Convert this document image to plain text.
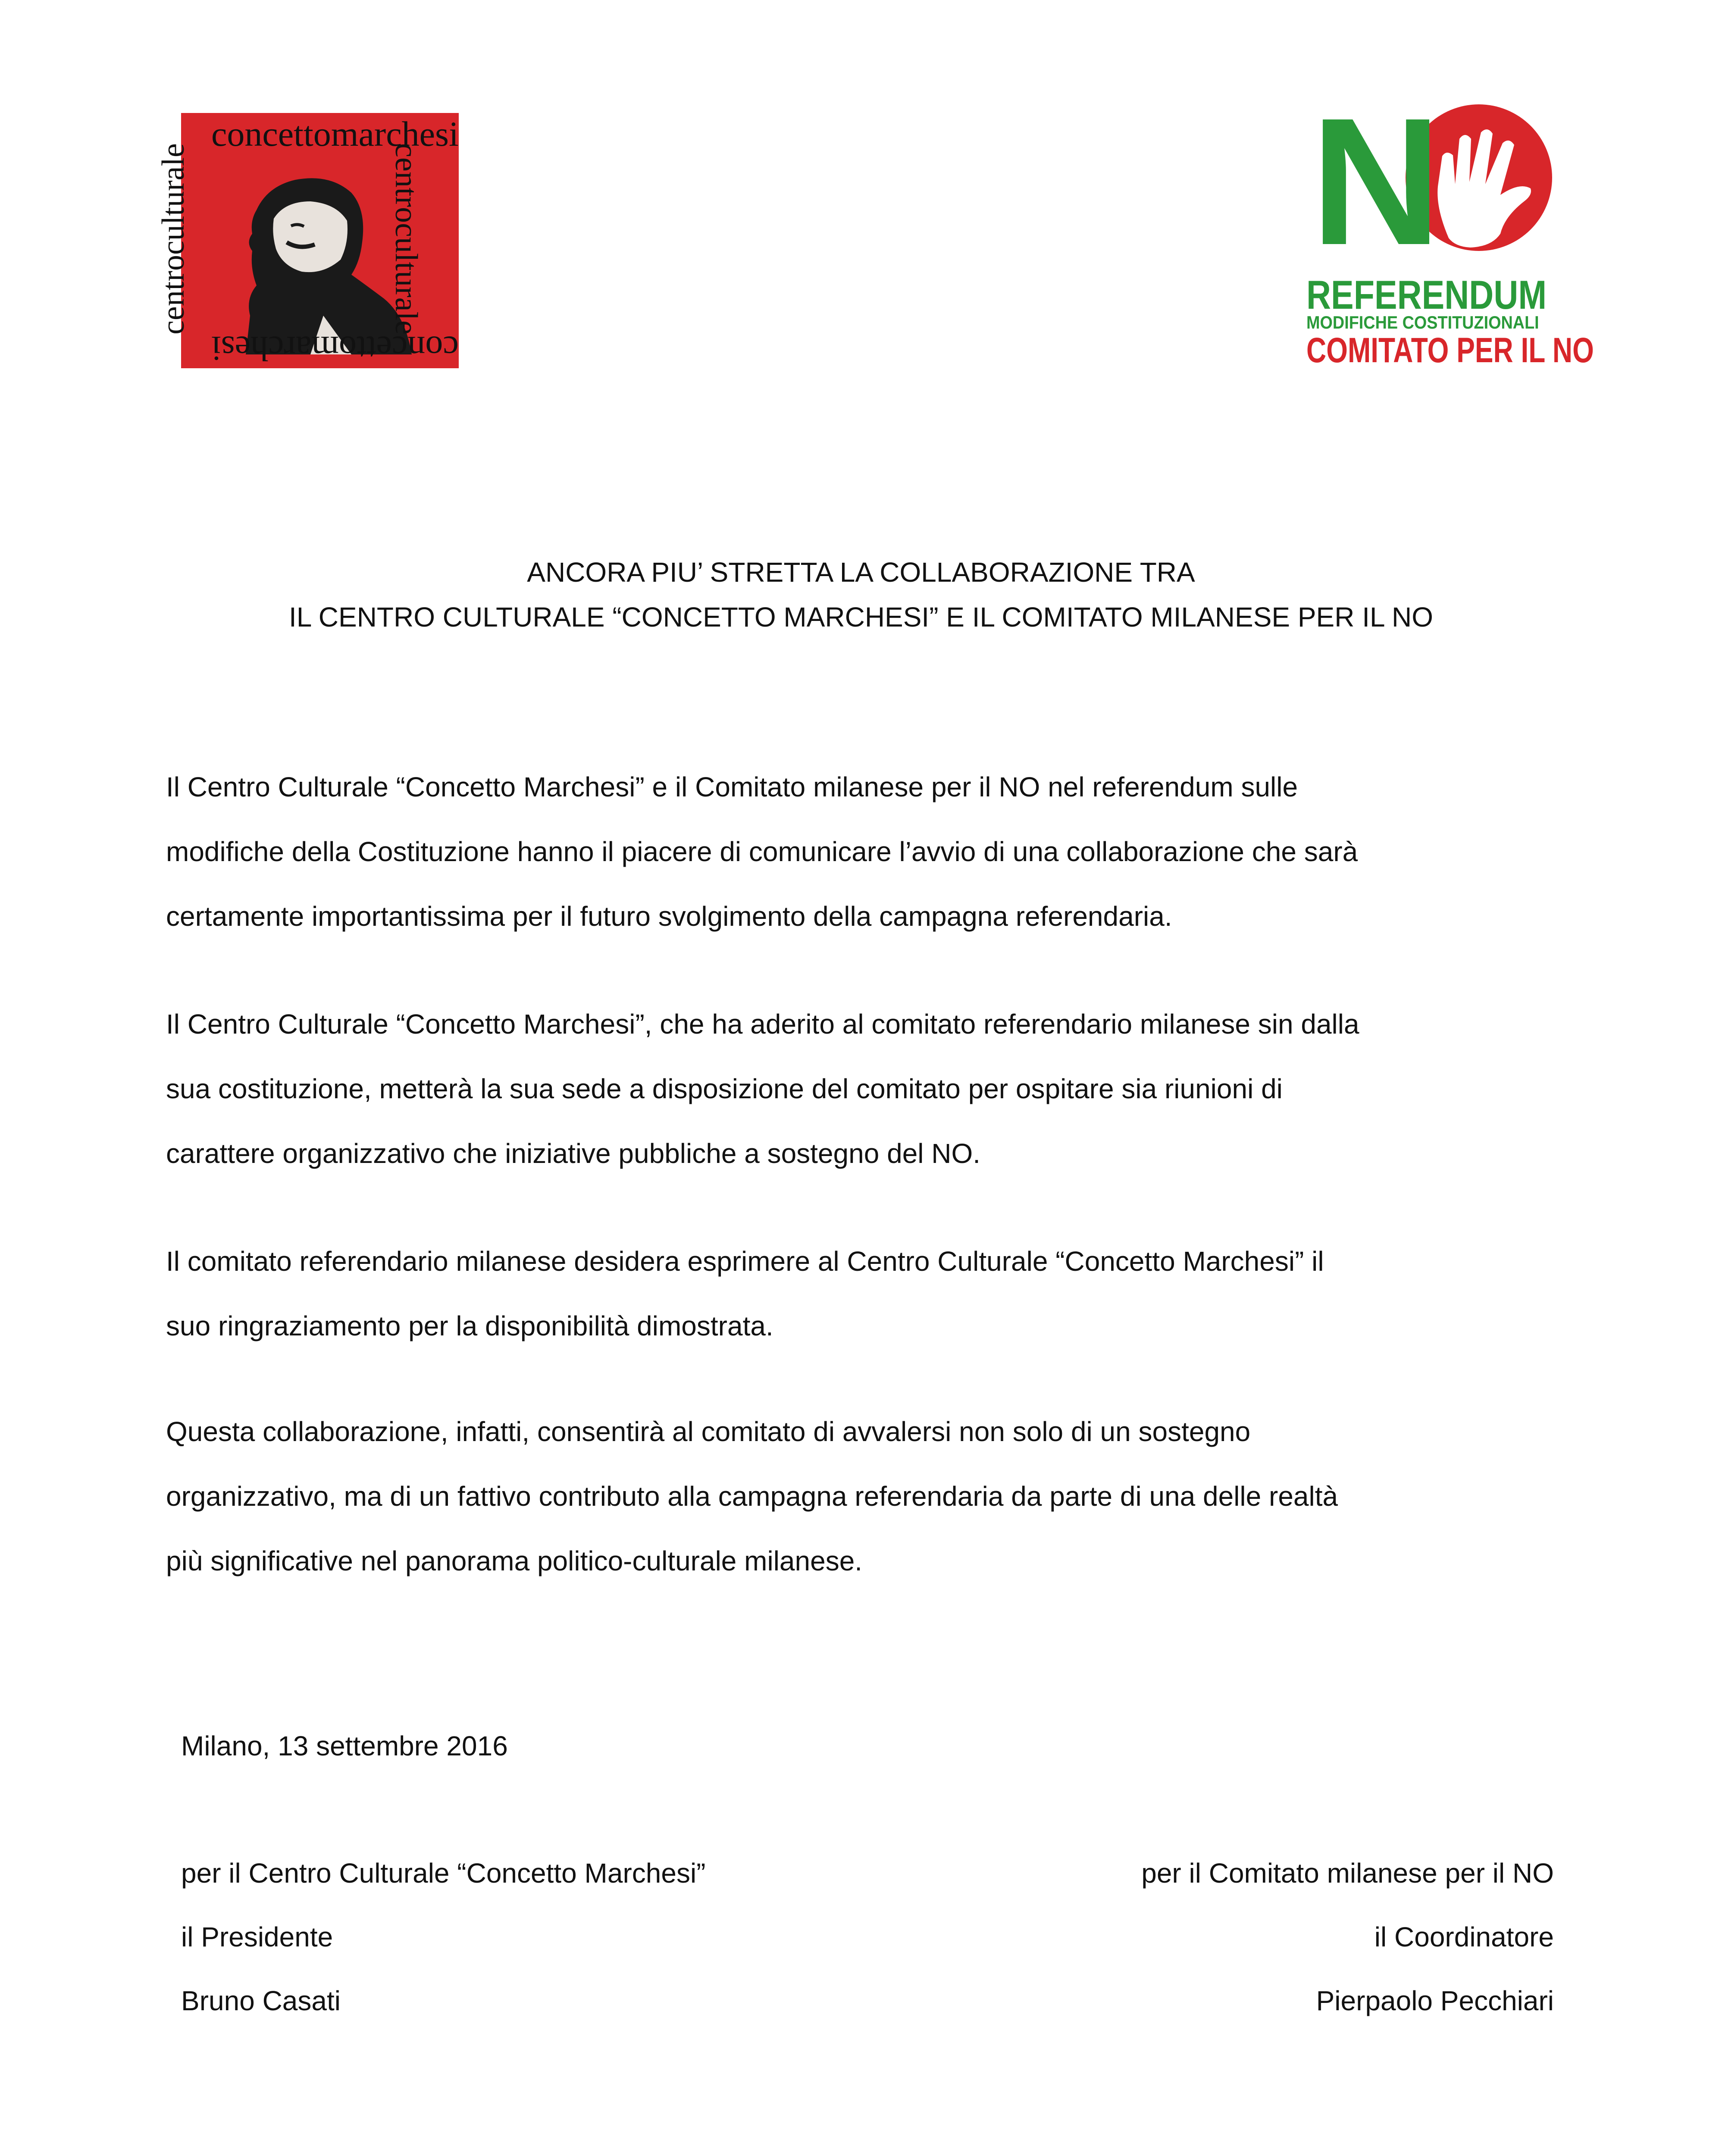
concettomarchesi
centroculturale	centroculturale
concettomarchesi
N
REFERENDUM
MODIFICHE COSTITUZIONALI
COMITATO PER IL NO
ANCORA PIU’ STRETTA LA COLLABORAZIONE TRA
IL CENTRO CULTURALE “CONCETTO MARCHESI” E IL COMITATO MILANESE PER IL NO
Il Centro Culturale “Concetto Marchesi” e il Comitato milanese per il NO nel referendum sulle
modifiche della Costituzione hanno il piacere di comunicare l’avvio di una collaborazione che sarà
certamente importantissima per il futuro svolgimento della campagna referendaria.
Il Centro Culturale “Concetto Marchesi”, che ha aderito al comitato referendario milanese sin dalla
sua costituzione, metterà la sua sede a disposizione del comitato per ospitare sia riunioni di
carattere organizzativo che iniziative pubbliche a sostegno del NO.
Il comitato referendario milanese desidera esprimere al Centro Culturale “Concetto Marchesi” il
suo ringraziamento per la disponibilità dimostrata.
Questa collaborazione, infatti, consentirà al comitato di avvalersi non solo di un sostegno
organizzativo, ma di un fattivo contributo alla campagna referendaria da parte di una delle realtà
più significative nel panorama politico-culturale milanese.
Milano, 13 settembre 2016
per il Centro Culturale “Concetto Marchesi”
il Presidente
Bruno Casati
per il Comitato milanese per il NO
il Coordinatore
Pierpaolo Pecchiari
